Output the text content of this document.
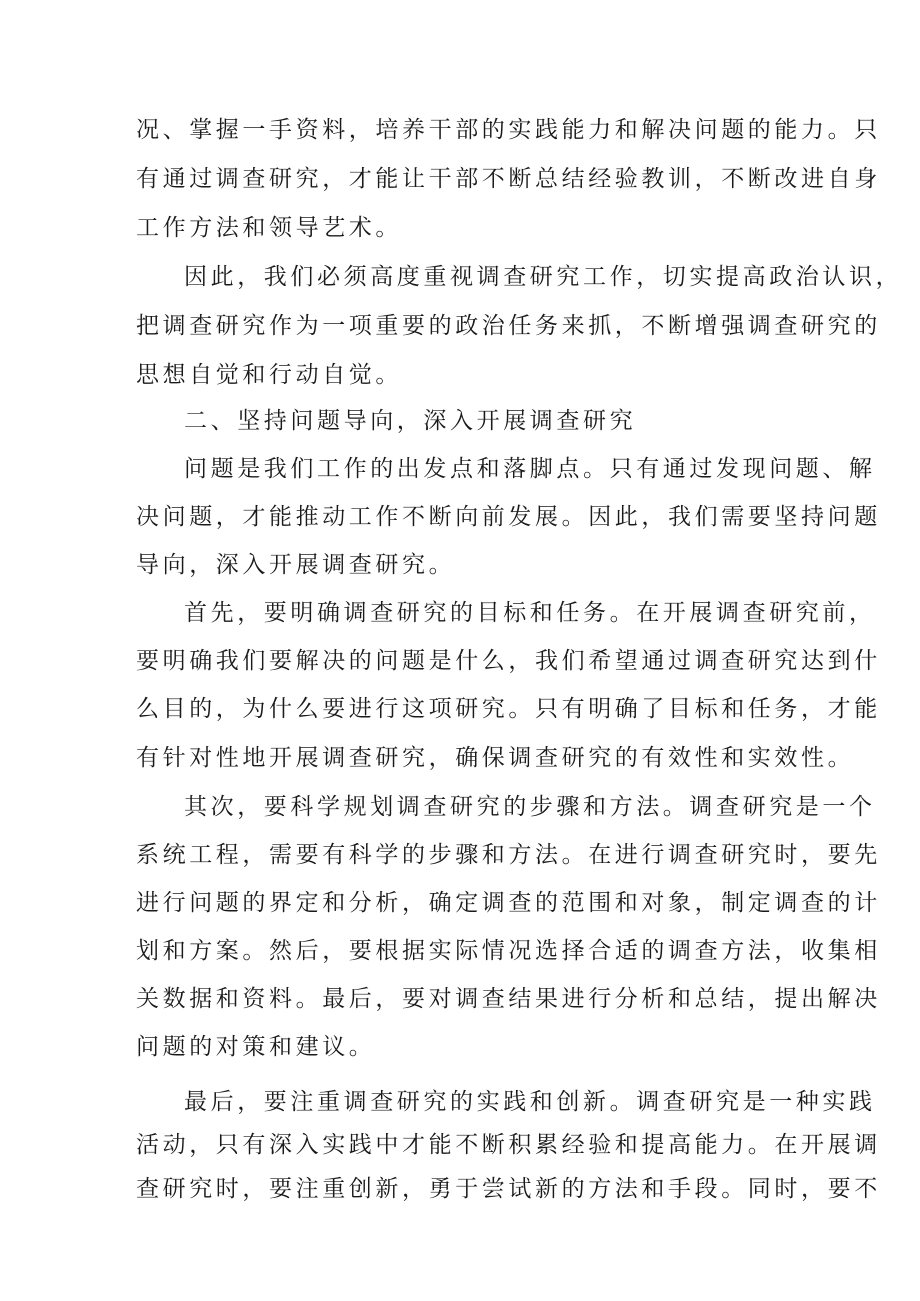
况、掌握一手资料，培养干部的实践能力和解决问题的能力。只
有通过调查研究，才能让干部不断总结经验教训，不断改进自身
工作方法和领导艺术。
因此，我们必须高度重视调查研究工作，切实提高政治认识，
把调查研究作为一项重要的政治任务来抓，不断增强调查研究的
思想自觉和行动自觉。
二、坚持问题导向，深入开展调查研究
问题是我们工作的出发点和落脚点。只有通过发现问题、解
决问题，才能推动工作不断向前发展。因此，我们需要坚持问题
导向，深入开展调查研究。
首先，要明确调查研究的目标和任务。在开展调查研究前，
要明确我们要解决的问题是什么，我们希望通过调查研究达到什
么目的，为什么要进行这项研究。只有明确了目标和任务，才能
有针对性地开展调查研究，确保调查研究的有效性和实效性。
其次，要科学规划调查研究的步骤和方法。调查研究是一个
系统工程，需要有科学的步骤和方法。在进行调查研究时，要先
进行问题的界定和分析，确定调查的范围和对象，制定调查的计
划和方案。然后，要根据实际情况选择合适的调查方法，收集相
关数据和资料。最后，要对调查结果进行分析和总结，提出解决
问题的对策和建议。
最后，要注重调查研究的实践和创新。调查研究是一种实践
活动，只有深入实践中才能不断积累经验和提高能力。在开展调
查研究时，要注重创新，勇于尝试新的方法和手段。同时，要不
